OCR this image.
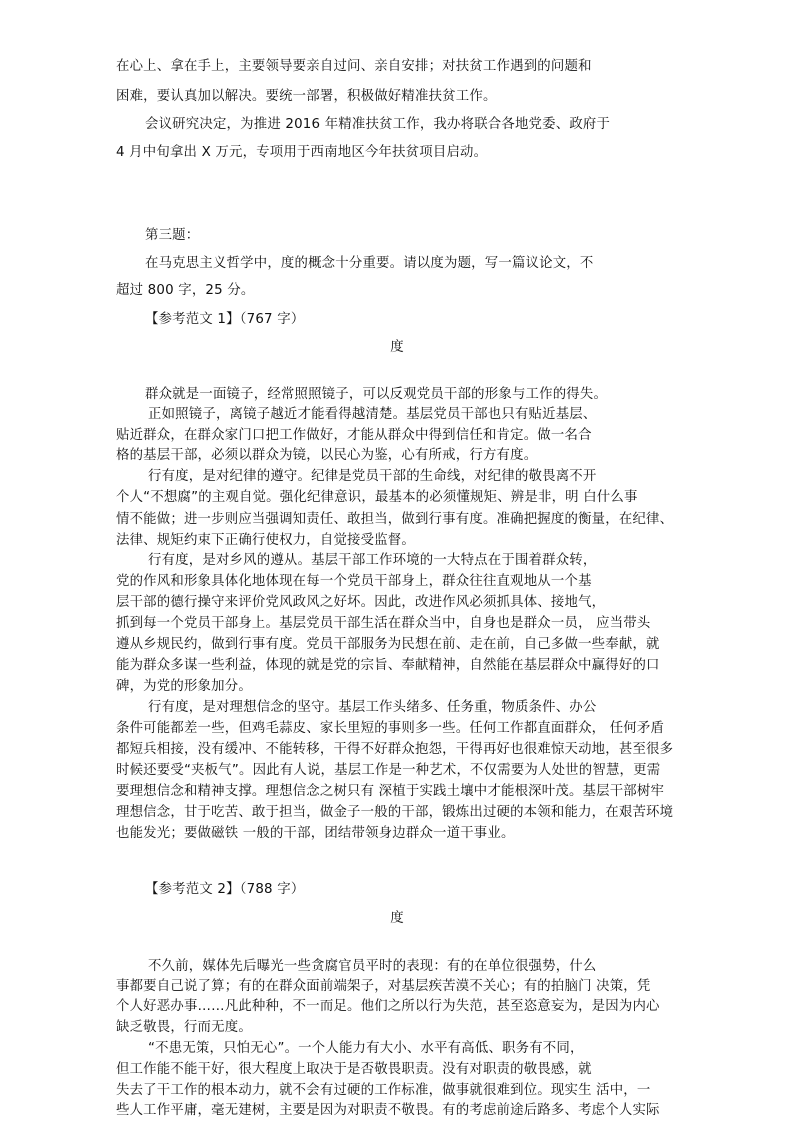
在心上、拿在手上，主要领导要亲自过问、亲自安排；对扶贫工作遇到的问题和
困难，要认真加以解决。要统一部署，积极做好精准扶贫工作。
会议研究决定，为推进 2016 年精准扶贫工作，我办将联合各地党委、政府于
4 月中旬拿出 X 万元，专项用于西南地区今年扶贫项目启动。
第三题：
在马克思主义哲学中，度的概念十分重要。请以度为题，写一篇议论文，不
超过 800 字，25 分。
【参考范文 1】（767 字）
度
群众就是一面镜子，经常照照镜子，可以反观党员干部的形象与工作的得失。
正如照镜子，离镜子越近才能看得越清楚。基层党员干部也只有贴近基层、
贴近群众，在群众家门口把工作做好，才能从群众中得到信任和肯定。做一名合
格的基层干部，必须以群众为镜，以民心为鉴，心有所戒，行方有度。
行有度，是对纪律的遵守。纪律是党员干部的生命线，对纪律的敬畏离不开
个人“不想腐”的主观自觉。强化纪律意识，最基本的必须懂规矩、辨是非，明 白什么事
情不能做；进一步则应当强调知责任、敢担当，做到行事有度。准确把握度的衡量，在纪律、
法律、规矩约束下正确行使权力，自觉接受监督。
行有度，是对乡风的遵从。基层干部工作环境的一大特点在于围着群众转，
党的作风和形象具体化地体现在每一个党员干部身上，群众往往直观地从一个基
层干部的德行操守来评价党风政风之好坏。因此，改进作风必须抓具体、接地气，
抓到每一个党员干部身上。基层党员干部生活在群众当中，自身也是群众一员， 应当带头
遵从乡规民约，做到行事有度。党员干部服务为民想在前、走在前，自己多做一些奉献，就
能为群众多谋一些利益，体现的就是党的宗旨、奉献精神，自然能在基层群众中赢得好的口
碑，为党的形象加分。
行有度，是对理想信念的坚守。基层工作头绪多、任务重，物质条件、办公
条件可能都差一些，但鸡毛蒜皮、家长里短的事则多一些。任何工作都直面群众， 任何矛盾
都短兵相接，没有缓冲、不能转移，干得不好群众抱怨，干得再好也很难惊天动地，甚至很多
时候还要受“夹板气”。因此有人说，基层工作是一种艺术，不仅需要为人处世的智慧，更需
要理想信念和精神支撑。理想信念之树只有 深植于实践土壤中才能根深叶茂。基层干部树牢
理想信念，甘于吃苦、敢于担当，做金子一般的干部，锻炼出过硬的本领和能力，在艰苦环境
也能发光；要做磁铁 一般的干部，团结带领身边群众一道干事业。
【参考范文 2】（788 字）
度
不久前，媒体先后曝光一些贪腐官员平时的表现：有的在单位很强势，什么
事都要自己说了算；有的在群众面前端架子，对基层疾苦漠不关心；有的拍脑门 决策，凭
个人好恶办事……凡此种种，不一而足。他们之所以行为失范，甚至恣意妄为，是因为内心
缺乏敬畏，行而无度。
“不患无策，只怕无心”。一个人能力有大小、水平有高低、职务有不同，
但工作能不能干好，很大程度上取决于是否敬畏职责。没有对职责的敬畏感，就
失去了干工作的根本动力，就不会有过硬的工作标准，做事就很难到位。现实生 活中，一
些人工作平庸，毫无建树，主要是因为对职责不敬畏。有的考虑前途后路多、考虑个人实际
